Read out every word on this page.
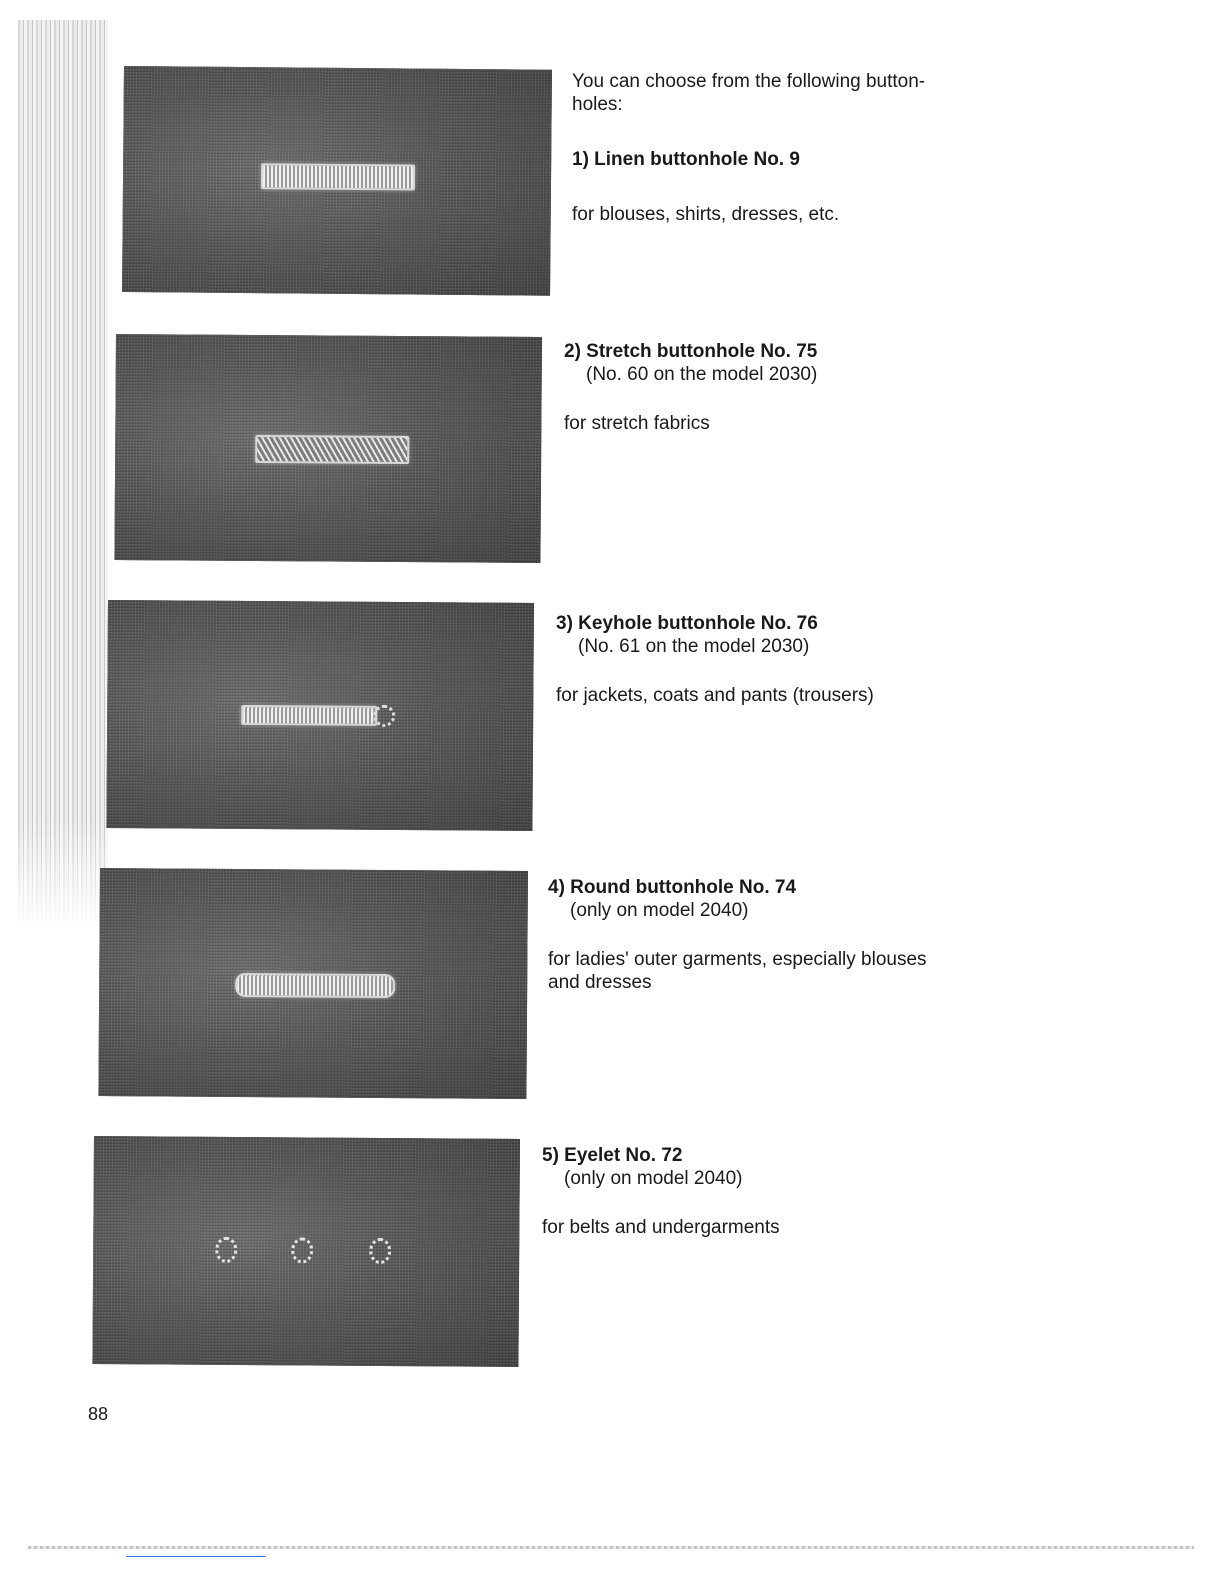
You can choose from the following button-

holes:

1) Linen buttonhole No. 9

for blouses, shirts, dresses, etc.

2) Stretch buttonhole No. 75

(No. 60 on the model 2030)

for stretch fabrics

3) Keyhole buttonhole No. 76

(No. 61 on the model 2030)

for jackets, coats and pants (trousers)

4) Round buttonhole No. 74

(only on model 2040)

for ladies' outer garments, especially blouses

and dresses

5) Eyelet No. 72

(only on model 2040)

for belts and undergarments

88
